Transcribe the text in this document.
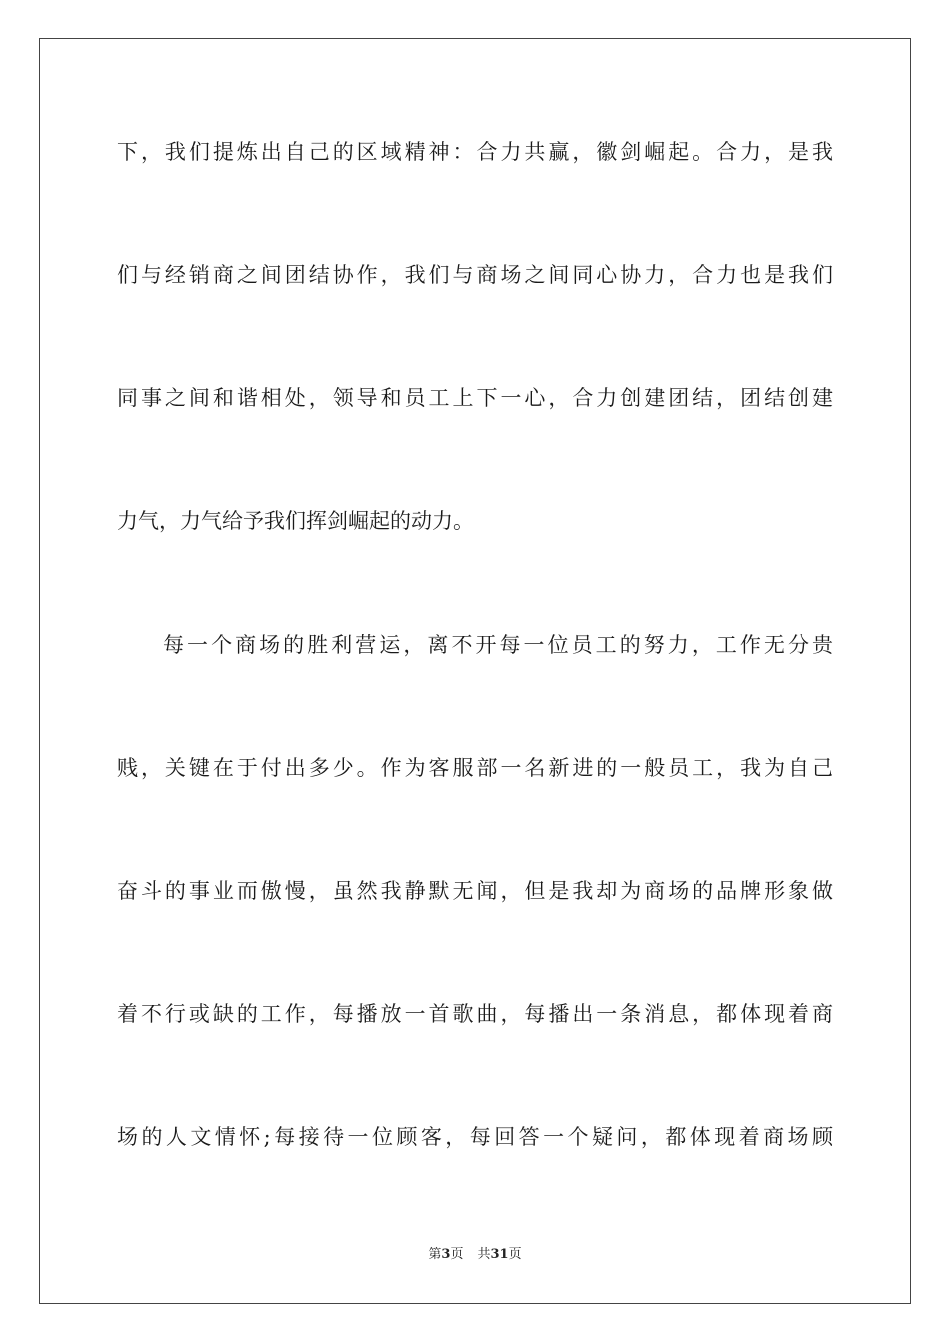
下，我们提炼出自己的区域精神：合力共赢，徽剑崛起。合力，是我
们与经销商之间团结协作，我们与商场之间同心协力，合力也是我们
同事之间和谐相处，领导和员工上下一心，合力创建团结，团结创建
力气，力气给予我们挥剑崛起的动力。
每一个商场的胜利营运，离不开每一位员工的努力，工作无分贵
贱，关键在于付出多少。作为客服部一名新进的一般员工，我为自己
奋斗的事业而傲慢，虽然我静默无闻，但是我却为商场的品牌形象做
着不行或缺的工作，每播放一首歌曲，每播出一条消息，都体现着商
场的人文情怀;每接待一位顾客，每回答一个疑问，都体现着商场顾
第3页 共31页
